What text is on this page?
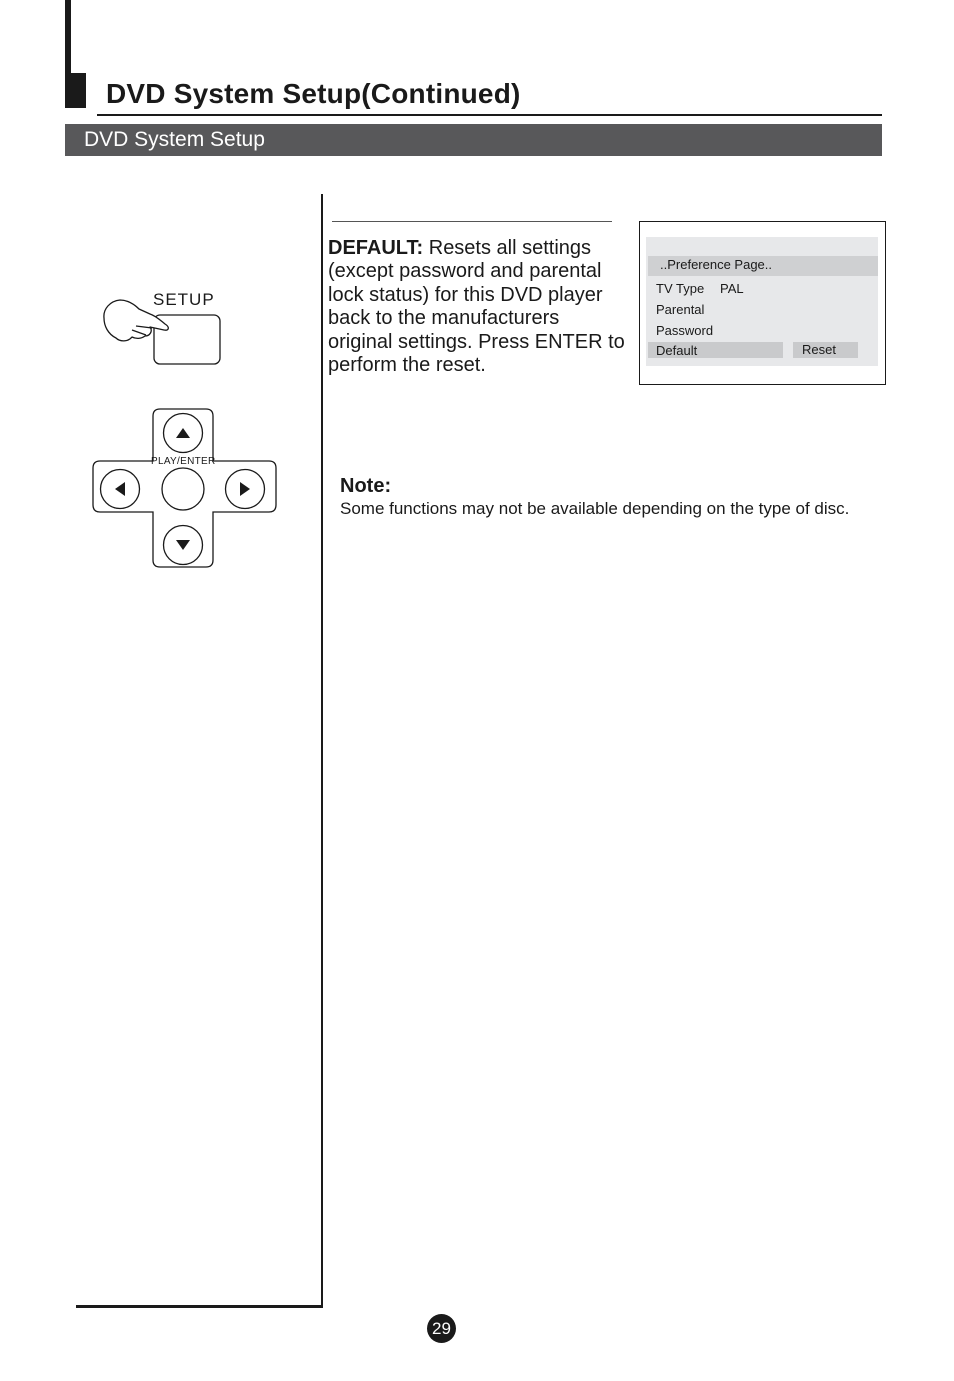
DVD System Setup(Continued)
DVD System Setup
SETUP
PLAY/ENTER
DEFAULT: Resets all settings (except password and parental lock status) for this DVD player back to the manufacturers original settings. Press ENTER to perform the reset.
..Preference Page..
TV Type PAL
Parental
Password
Default	Reset
Note:
Some functions may not be available depending on the type of disc.
29
